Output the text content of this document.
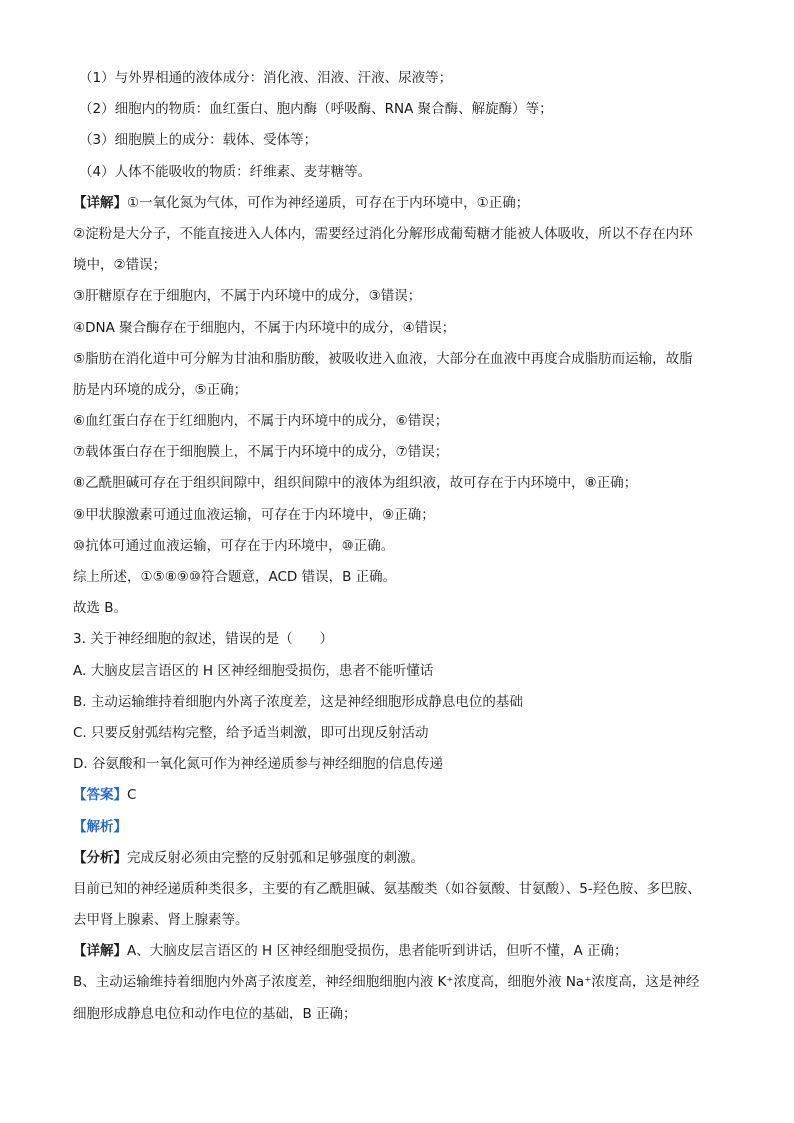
（1）与外界相通的液体成分：消化液、泪液、汗液、尿液等；
（2）细胞内的物质：血红蛋白、胞内酶（呼吸酶、RNA 聚合酶、解旋酶）等；
（3）细胞膜上的成分：载体、受体等；
（4）人体不能吸收的物质：纤维素、麦芽糖等。
【详解】①一氧化氮为气体，可作为神经递质，可存在于内环境中，①正确；
②淀粉是大分子，不能直接进入人体内，需要经过消化分解形成葡萄糖才能被人体吸收，所以不存在内环
境中，②错误；
③肝糖原存在于细胞内，不属于内环境中的成分，③错误；
④DNA 聚合酶存在于细胞内，不属于内环境中的成分，④错误；
⑤脂肪在消化道中可分解为甘油和脂肪酸，被吸收进入血液，大部分在血液中再度合成脂肪而运输，故脂
肪是内环境的成分，⑤正确；
⑥血红蛋白存在于红细胞内，不属于内环境中的成分，⑥错误；
⑦载体蛋白存在于细胞膜上，不属于内环境中的成分，⑦错误；
⑧乙酰胆碱可存在于组织间隙中，组织间隙中的液体为组织液，故可存在于内环境中，⑧正确；
⑨甲状腺激素可通过血液运输，可存在于内环境中，⑨正确；
⑩抗体可通过血液运输，可存在于内环境中，⑩正确。
综上所述，①⑤⑧⑨⑩符合题意，ACD 错误，B 正确。
故选 B。
3. 关于神经细胞的叙述，错误的是（　　）
A. 大脑皮层言语区的 H 区神经细胞受损伤，患者不能听懂话
B. 主动运输维持着细胞内外离子浓度差，这是神经细胞形成静息电位的基础
C. 只要反射弧结构完整，给予适当刺激，即可出现反射活动
D. 谷氨酸和一氧化氮可作为神经递质参与神经细胞的信息传递
【答案】C
【解析】
【分析】完成反射必须由完整的反射弧和足够强度的刺激。
目前已知的神经递质种类很多，主要的有乙酰胆碱、氨基酸类（如谷氨酸、甘氨酸）、5-羟色胺、多巴胺、
去甲肾上腺素、肾上腺素等。
【详解】A、大脑皮层言语区的 H 区神经细胞受损伤，患者能听到讲话，但听不懂，A 正确；
B、主动运输维持着细胞内外离子浓度差，神经细胞细胞内液 K⁺浓度高，细胞外液 Na⁺浓度高，这是神经
细胞形成静息电位和动作电位的基础，B 正确；
